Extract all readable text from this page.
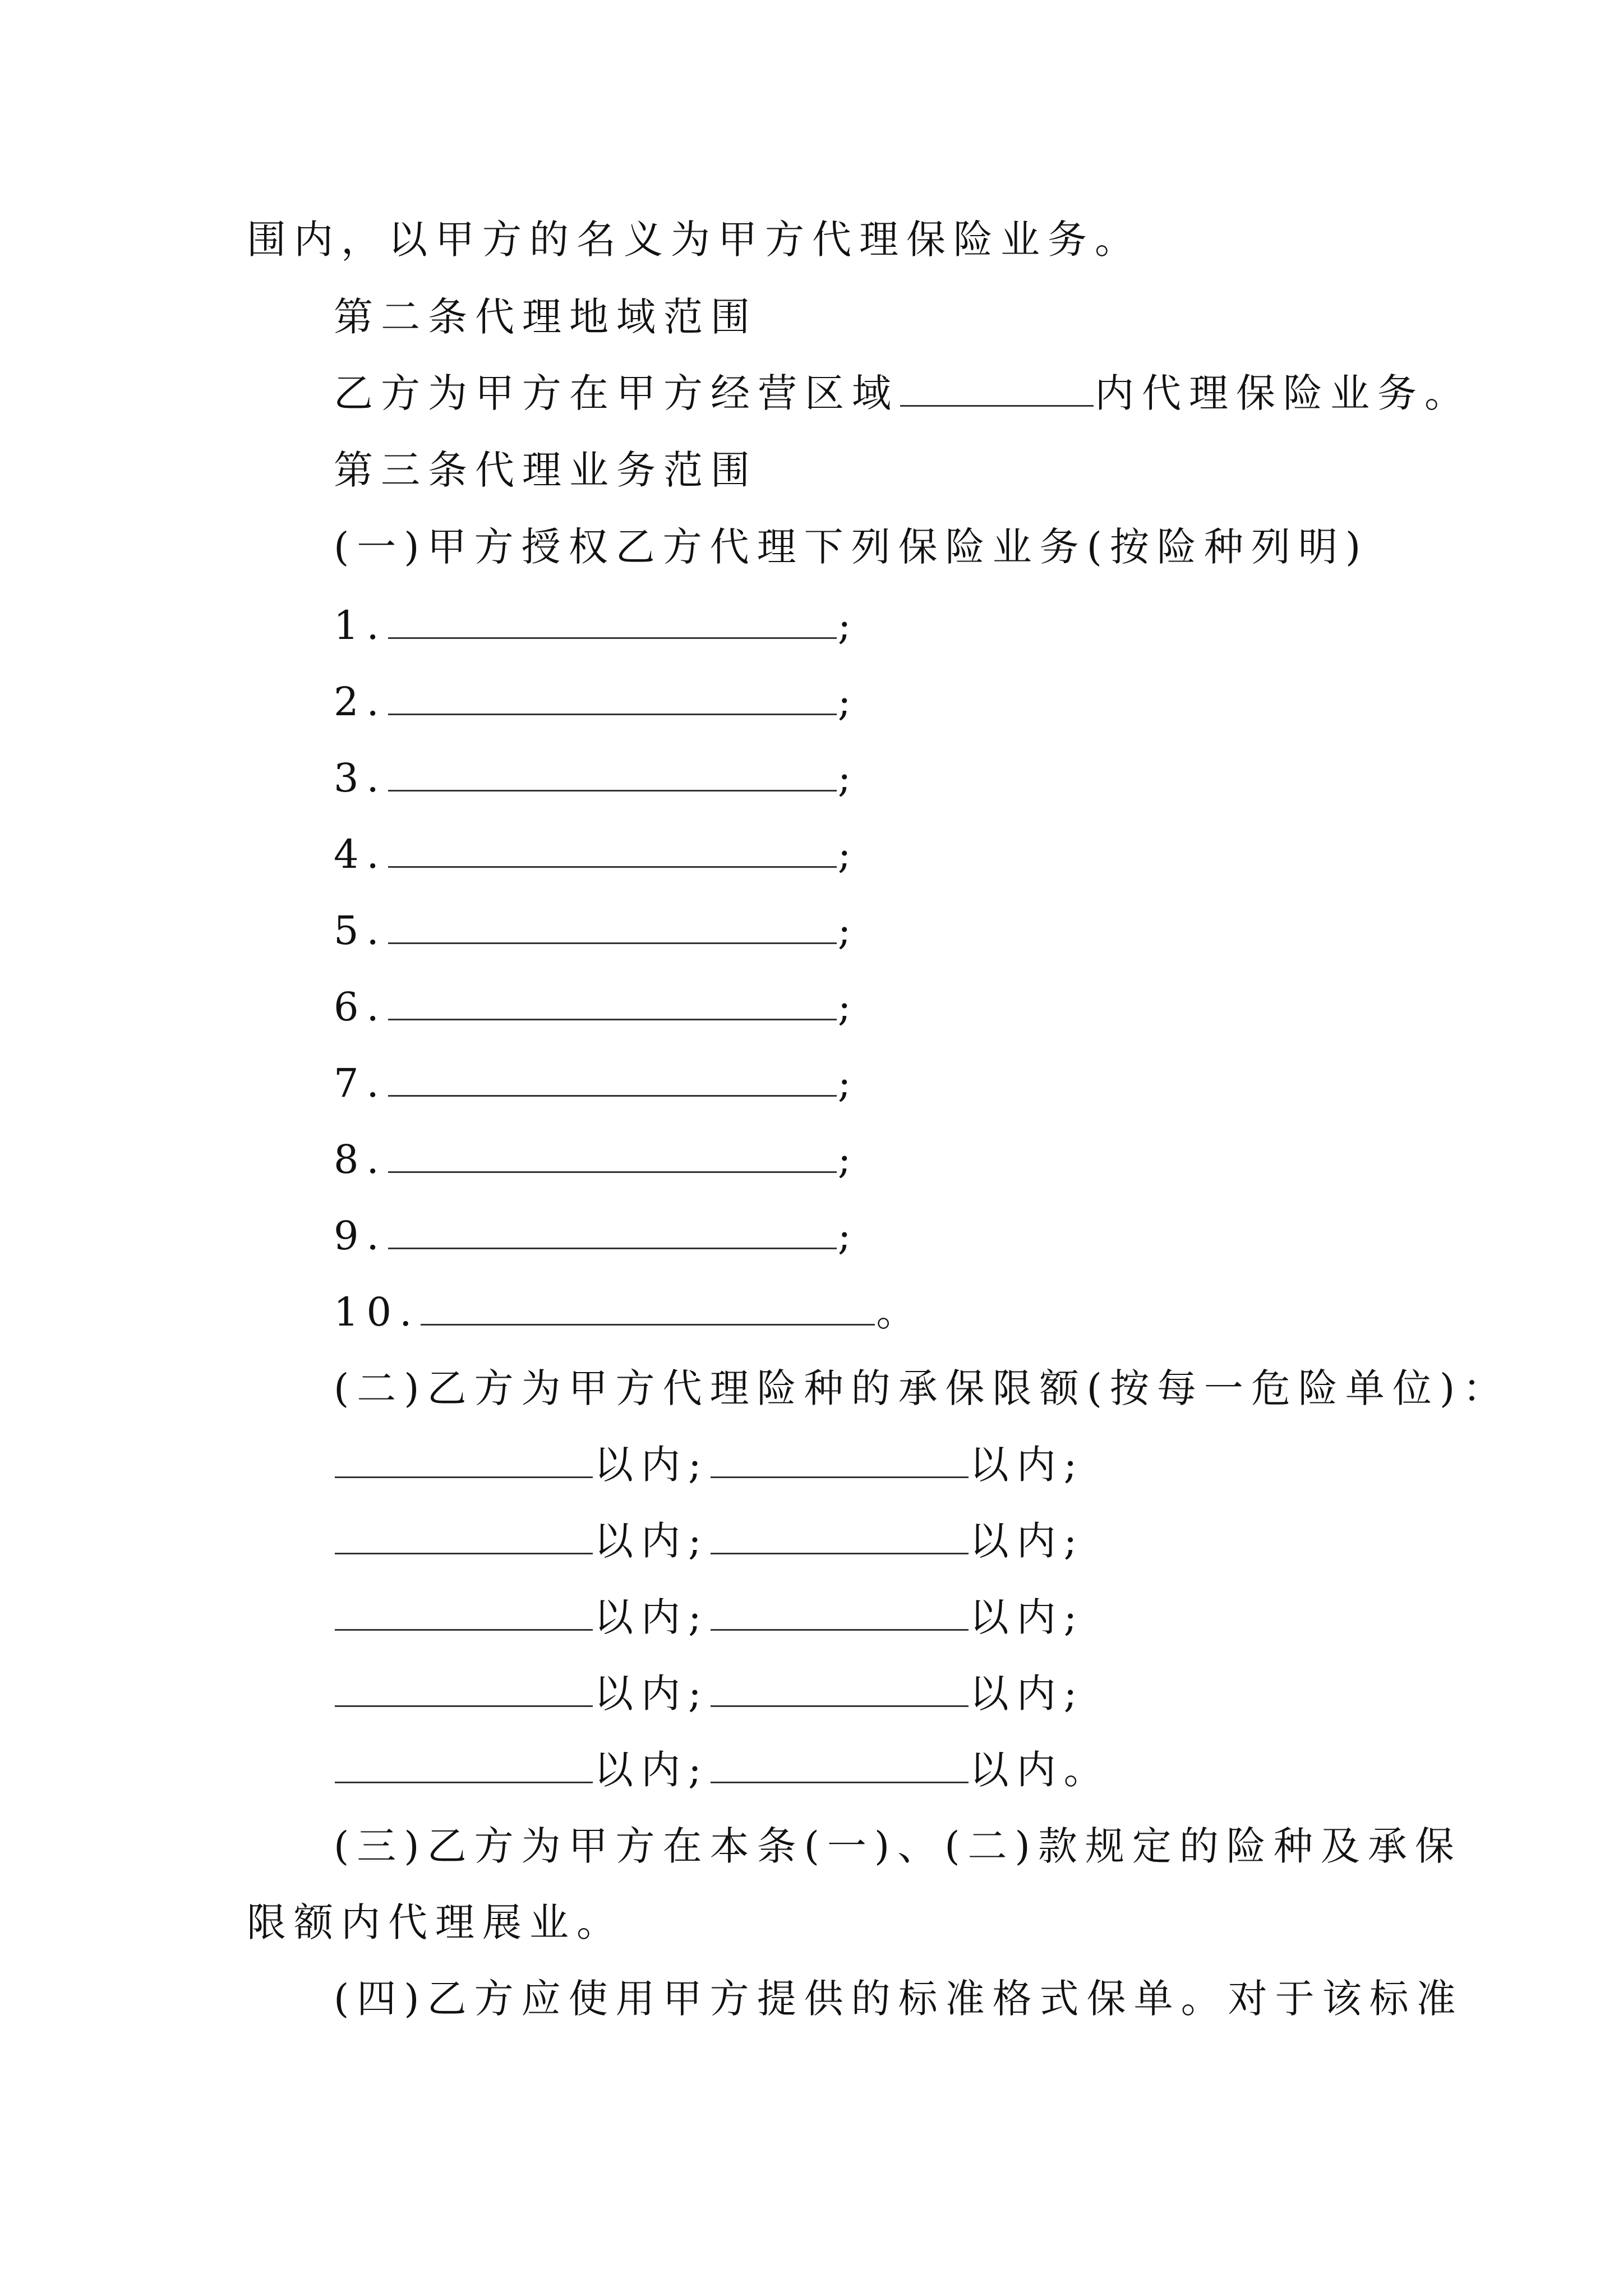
围内，以甲方的名义为甲方代理保险业务。
第二条代理地域范围
乙方为甲方在甲方经营区域	内代理保险业务。
第三条代理业务范围
(一)甲方授权乙方代理下列保险业务(按险种列明)
1.	;
2.	;
3.	;
4.	;
5.	;
6.	;
7.	;
8.	;
9.	;
10.	。
(二)乙方为甲方代理险种的承保限额(按每一危险单位)：
以内;	以内;
以内;	以内;
以内;	以内;
以内;	以内;
以内;	以内。
(三)乙方为甲方在本条(一)、(二)款规定的险种及承保
限额内代理展业。
(四)乙方应使用甲方提供的标准格式保单。对于该标准
